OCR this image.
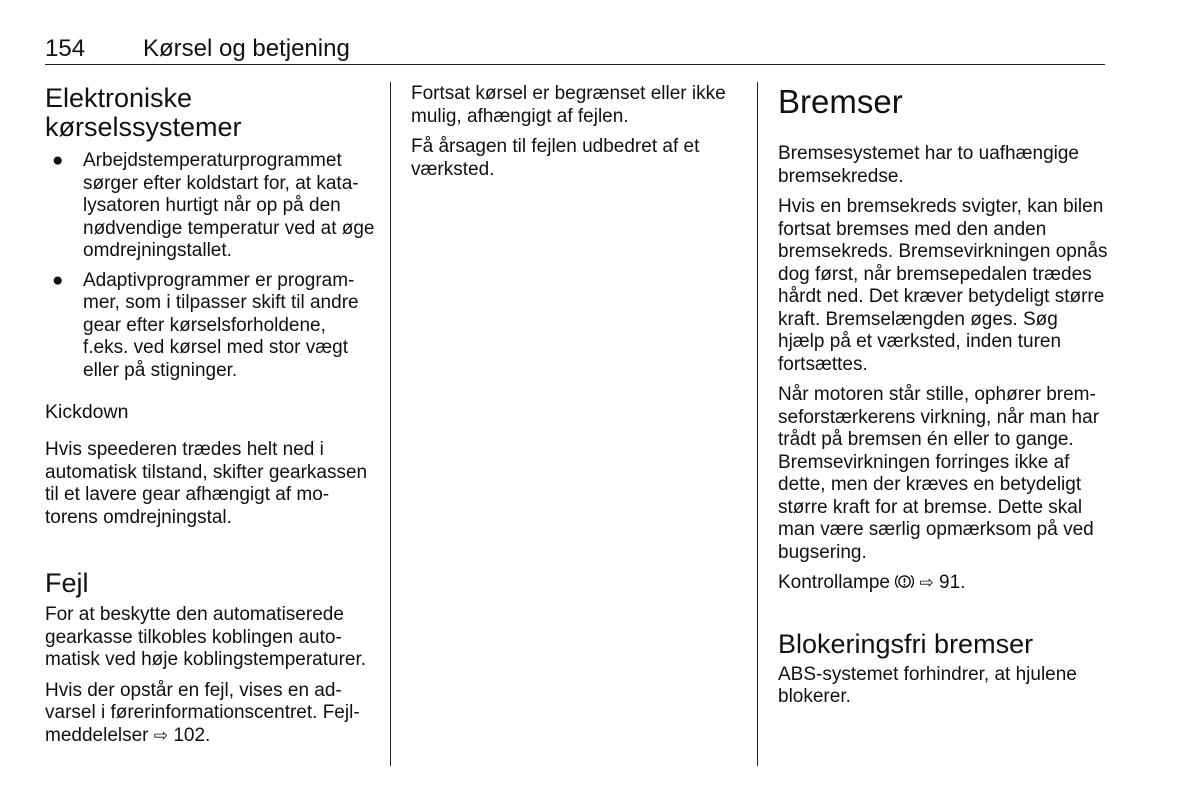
154 Kørsel og betjening
Elektroniske kørselssystemer
● Arbejdstemperaturprogrammet sørger efter koldstart for, at katalysatoren hurtigt når op på den nødvendige temperatur ved at øge omdrejningstallet.
● Adaptivprogrammer er programmer, som i tilpasser skift til andre gear efter kørselsforholdene, f.eks. ved kørsel med stor vægt eller på stigninger.
Kickdown

Hvis speederen trædes helt ned i automatisk tilstand, skifter gearkassen til et lavere gear afhængigt af motorens omdrejningstal.

Fejl

For at beskytte den automatiserede gearkasse tilkobles koblingen automatisk ved høje koblingstemperaturer.

Hvis der opstår en fejl, vises en advarsel i førerinformationscentret. Fejlmeddelelser ⇨ 102.

Fortsat kørsel er begrænset eller ikke mulig, afhængigt af fejlen.

Få årsagen til fejlen udbedret af et værksted.

Bremser

Bremsesystemet har to uafhængige bremsekredse.

Hvis en bremsekreds svigter, kan bilen fortsat bremses med den anden bremsekreds. Bremsevirkningen opnås dog først, når bremsepedalen trædes hårdt ned. Det kræver betydeligt større kraft. Bremselængden øges. Søg hjælp på et værksted, inden turen fortsættes.

Når motoren står stille, ophører bremseforstærkerens virkning, når man har trådt på bremsen én eller to gange. Bremsevirkningen forringes ikke af dette, men der kræves en betydeligt større kraft for at bremse. Dette skal man være særlig opmærksom på ved bugsering.

Kontrollampe ⇨ 91.

Blokeringsfri bremser

ABS-systemet forhindrer, at hjulene blokerer.
